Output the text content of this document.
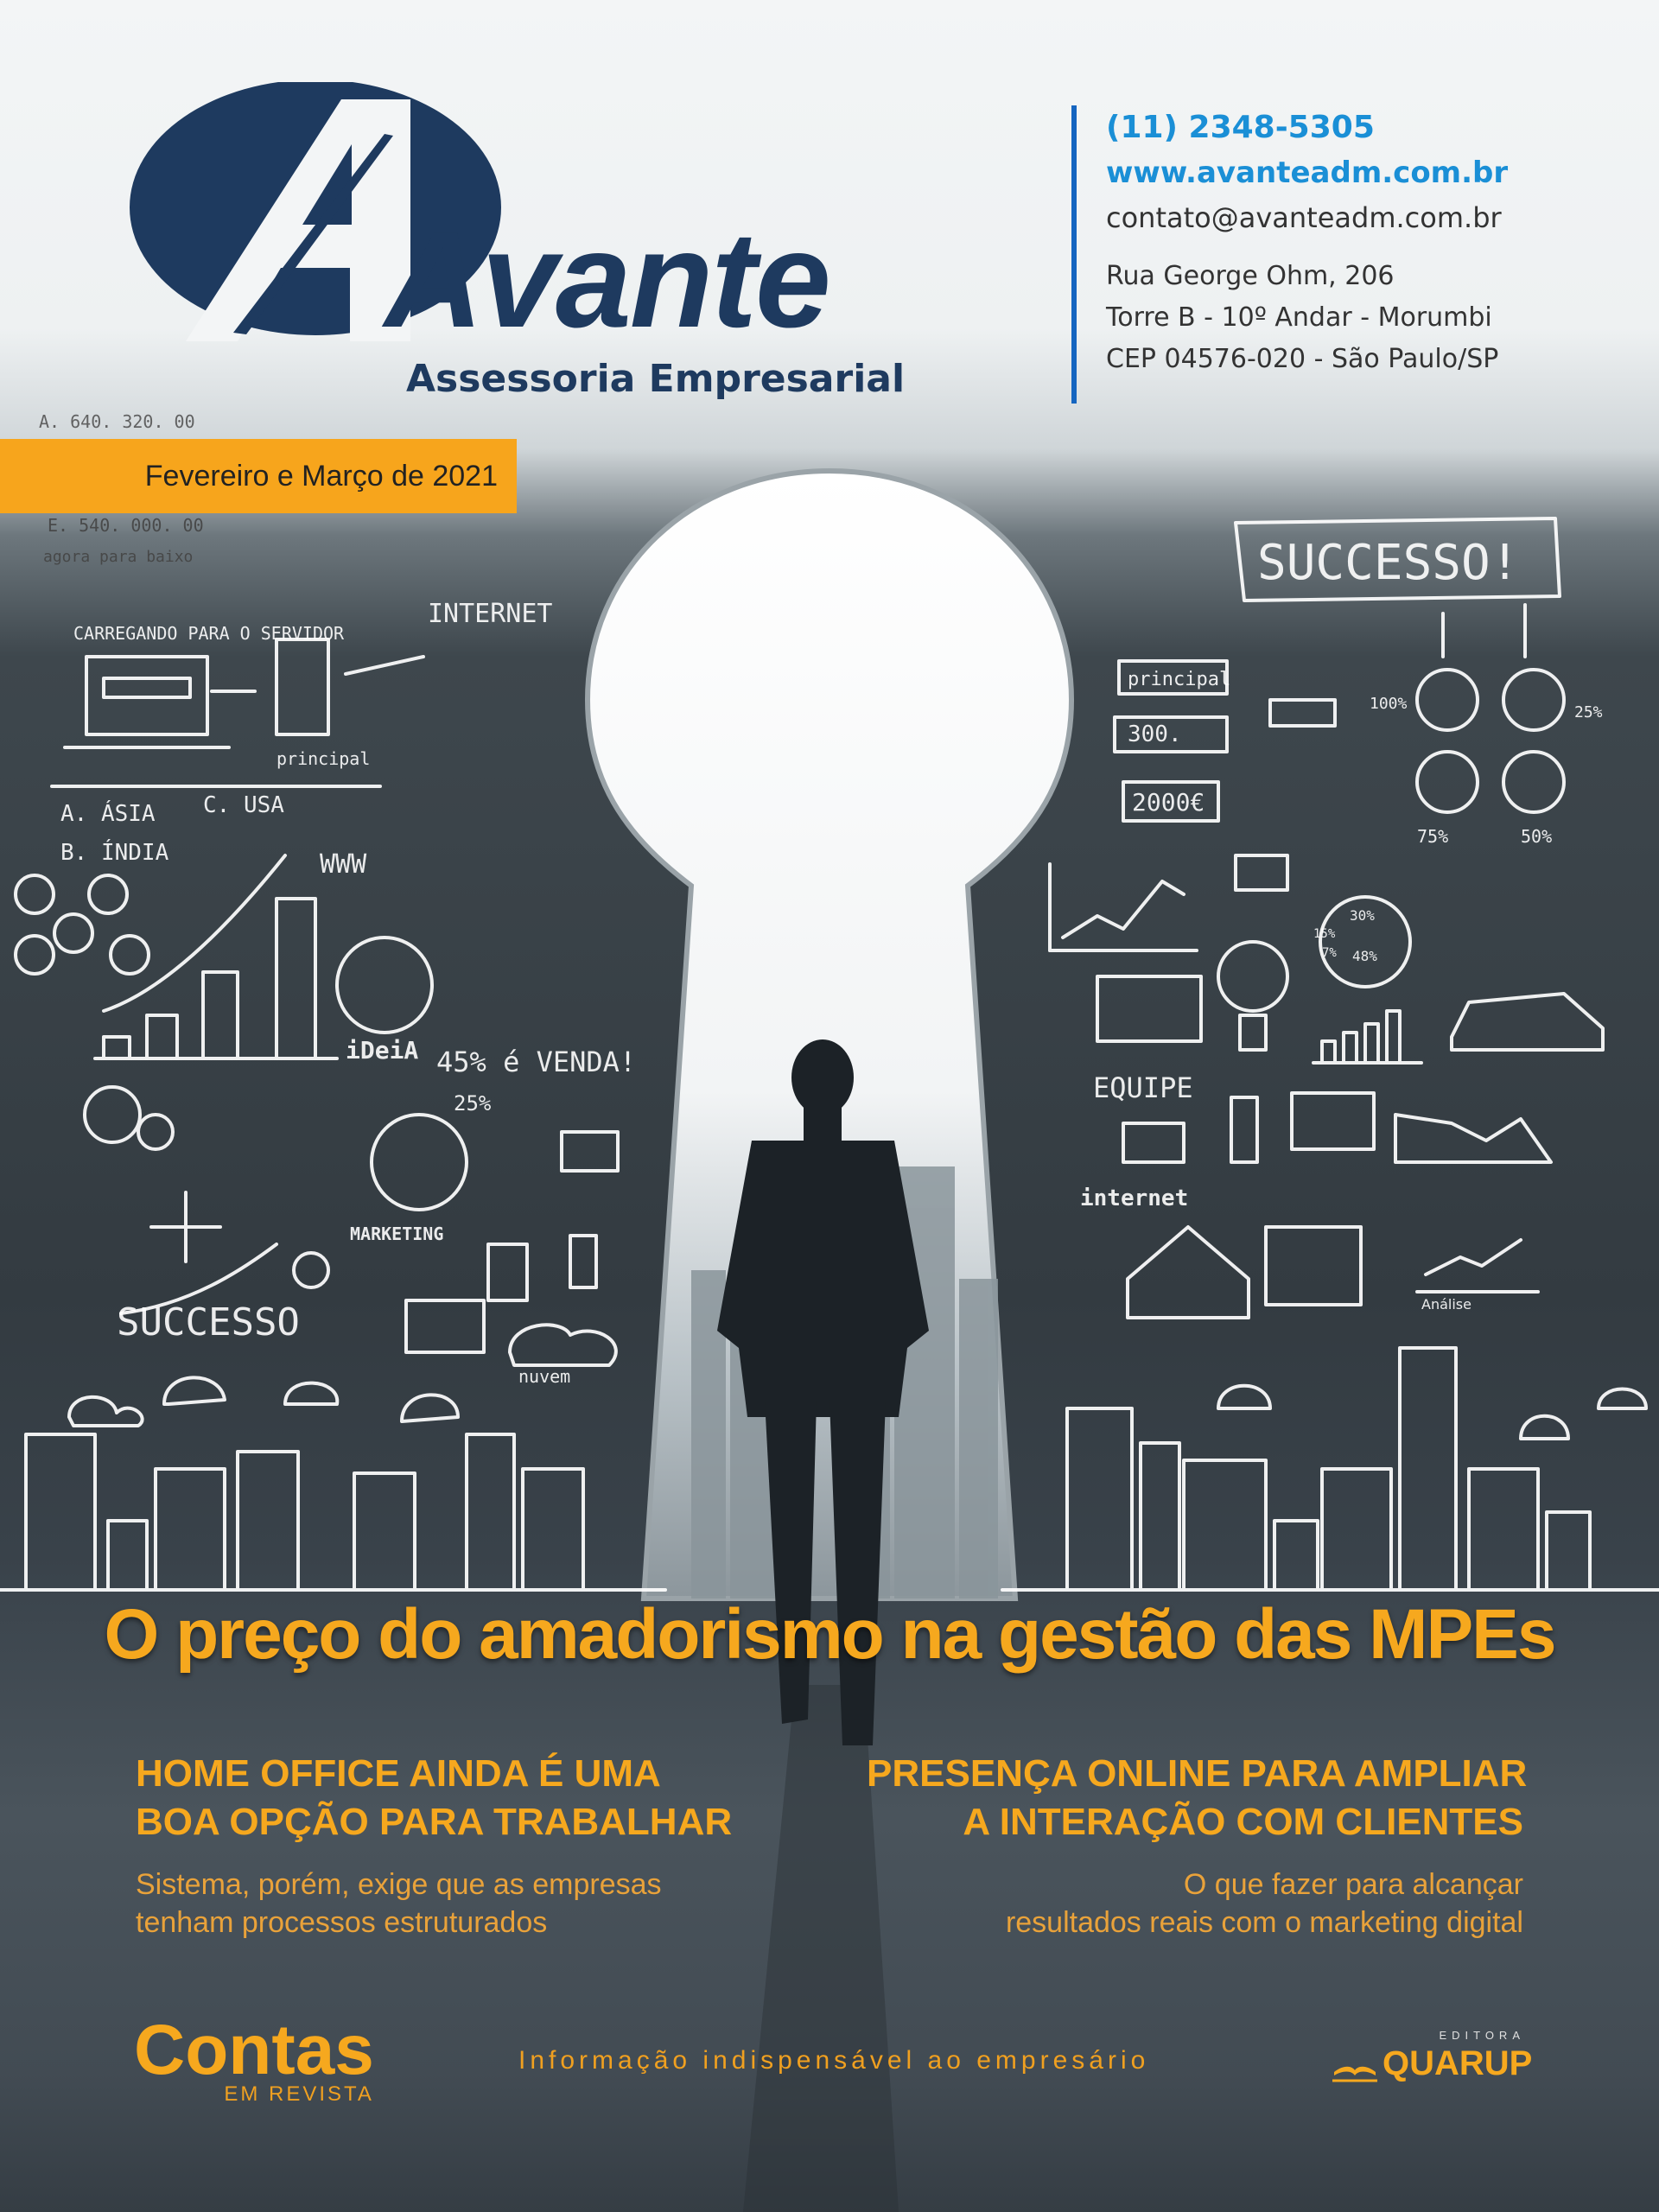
A. 640. 320. 00
E. 540. 000. 00
agora para baixo
CARREGANDO PARA O SERVIDOR
principal
A. ÁSIA C. USA
B. ÍNDIA	WWW
iDeiA 45% é VENDA!
25%
MARKETING
SUCCESSO
nuvem
INTERNET
SUCCESSO!
principal
300.
2000€
100%	25%
75%	50%
30%
15%
7% 48%
EQUIPE
internet
Análise
Avante
Assessoria Empresarial
(11) 2348-5305
www.avanteadm.com.br
contato@avanteadm.com.br
Rua George Ohm, 206
Torre B - 10º Andar - Morumbi
CEP 04576-020 - São Paulo/SP
Fevereiro e Março de 2021
O preço do amadorismo na gestão das MPEs
HOME OFFICE AINDA É UMA
BOA OPÇÃO PARA TRABALHAR
Sistema, porém, exige que as empresas
tenham processos estruturados
PRESENÇA ONLINE PARA AMPLIAR
A INTERAÇÃO COM CLIENTES
O que fazer para alcançar
resultados reais com o marketing digital
Contas
EM REVISTA
Informação indispensável ao empresário
EDITORA
QUARUP
